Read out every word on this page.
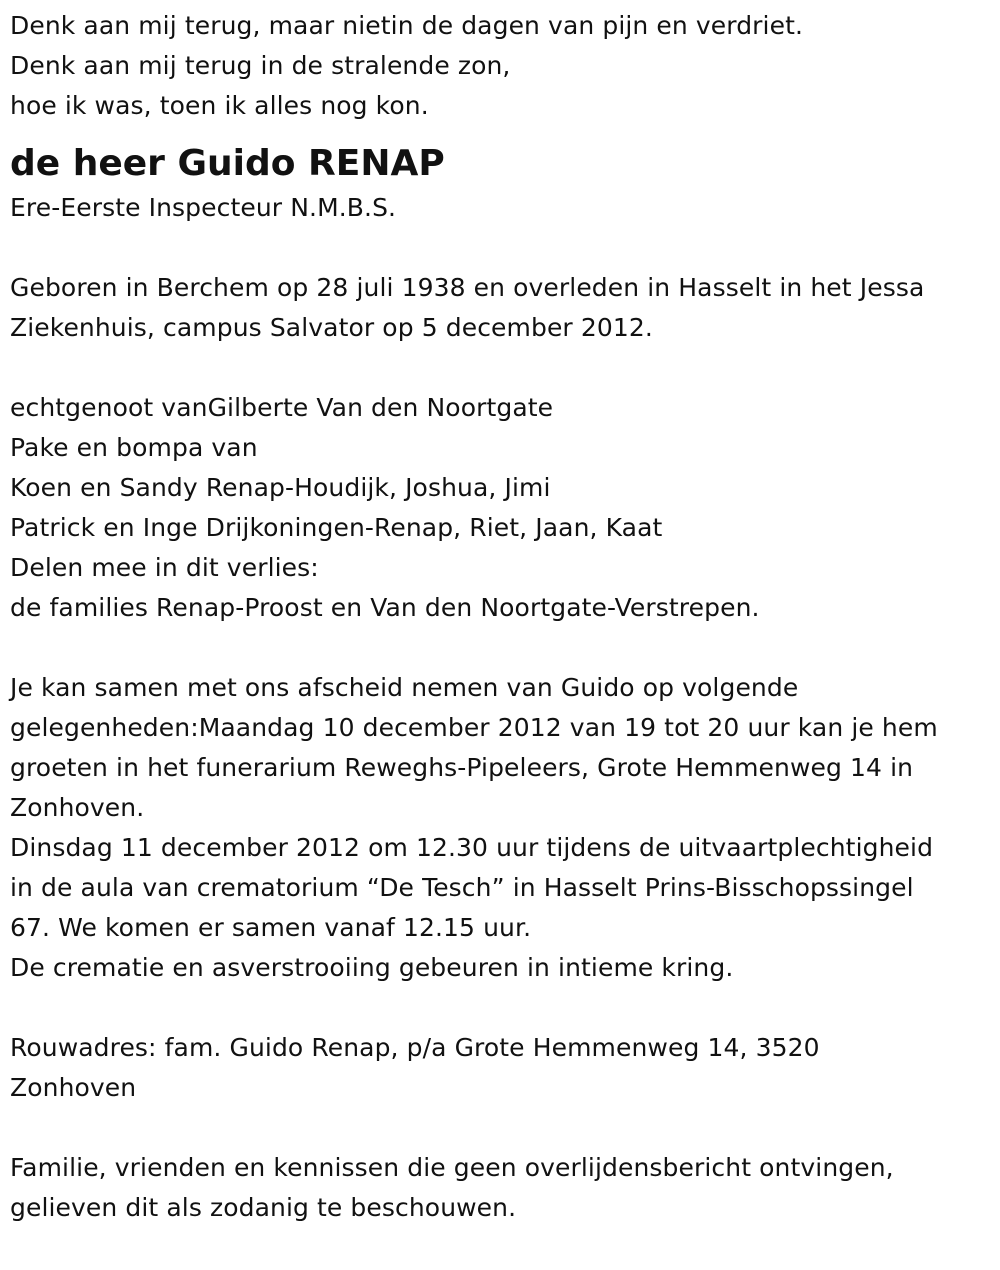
Denk aan mij terug, maar nietin de dagen van pijn en verdriet.
Denk aan mij terug in de stralende zon,
hoe ik was, toen ik alles nog kon.
de heer Guido RENAP
Ere-Eerste Inspecteur N.M.B.S.
Geboren in Berchem op 28 juli 1938 en overleden in Hasselt in het Jessa
Ziekenhuis, campus Salvator op 5 december 2012.
echtgenoot vanGilberte Van den Noortgate
Pake en bompa van
Koen en Sandy Renap-Houdijk, Joshua, Jimi
Patrick en Inge Drijkoningen-Renap, Riet, Jaan, Kaat
Delen mee in dit verlies:
de families Renap-Proost en Van den Noortgate-Verstrepen.
Je kan samen met ons afscheid nemen van Guido op volgende
gelegenheden:Maandag 10 december 2012 van 19 tot 20 uur kan je hem
groeten in het funerarium Reweghs-Pipeleers, Grote Hemmenweg 14 in
Zonhoven.
Dinsdag 11 december 2012 om 12.30 uur tijdens de uitvaartplechtigheid
in de aula van crematorium “De Tesch” in Hasselt Prins-Bisschopssingel
67. We komen er samen vanaf 12.15 uur.
De crematie en asverstrooiing gebeuren in intieme kring.
Rouwadres: fam. Guido Renap, p/a Grote Hemmenweg 14, 3520
Zonhoven
Familie, vrienden en kennissen die geen overlijdensbericht ontvingen,
gelieven dit als zodanig te beschouwen.
